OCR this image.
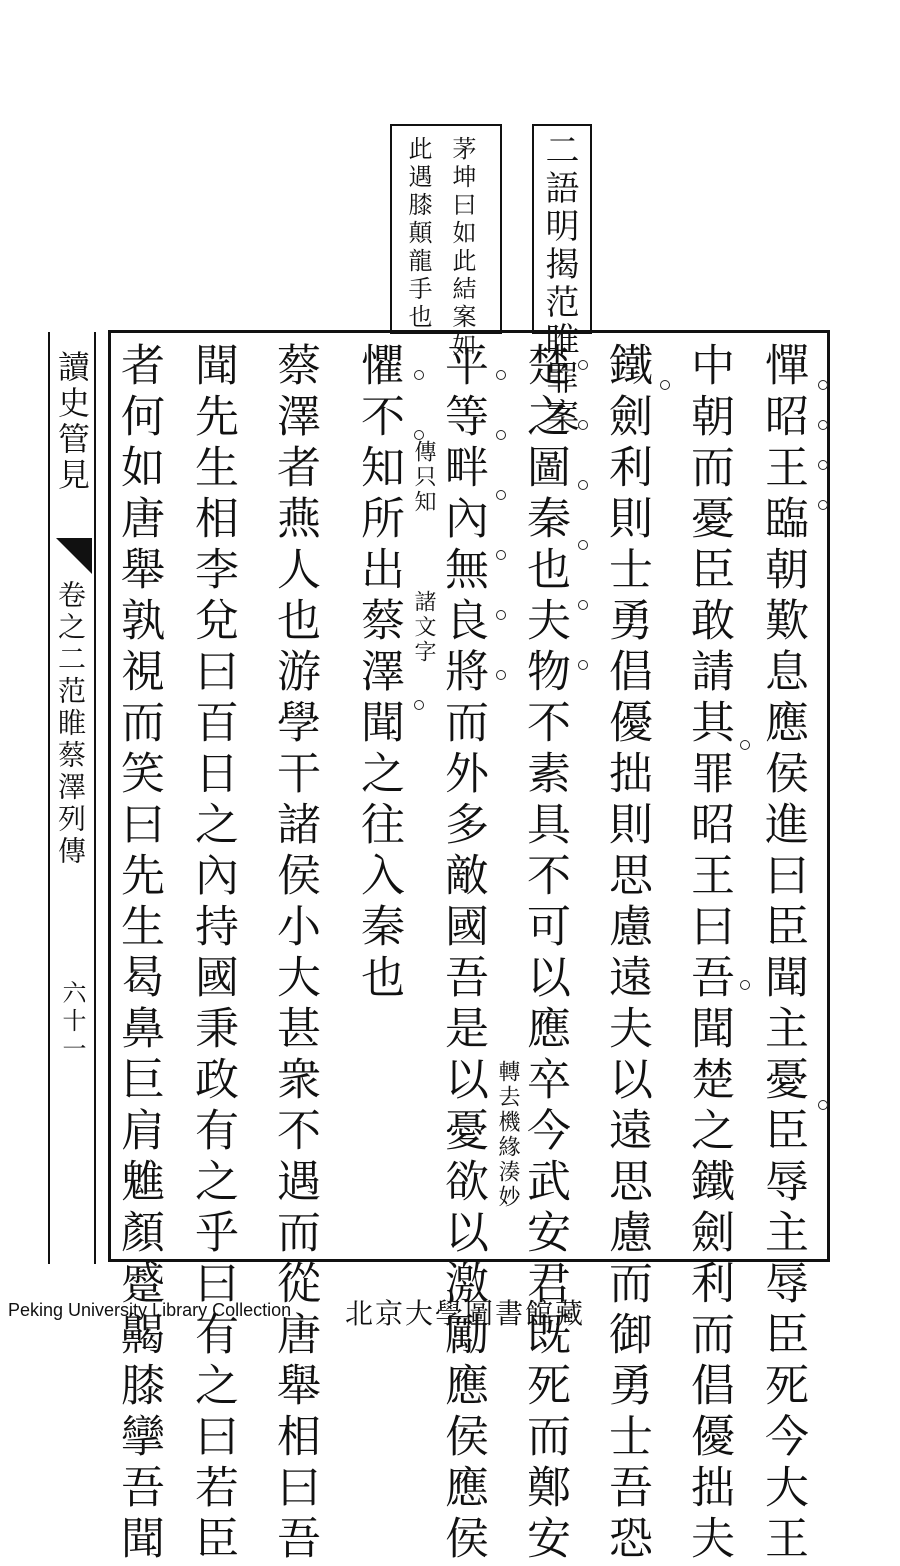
二語明揭范睢罪案
茅坤曰如此結案如
此遇膝顛龍手也
憚昭王臨朝歎息應侯進曰臣聞主憂臣辱主辱臣死今大王
中朝而憂臣敢請其罪昭王曰吾聞楚之鐵劍利而倡優拙夫
鐵劍利則士勇倡優拙則思慮遠夫以遠思慮而御勇士吾恐
楚之圖秦也夫物不素具不可以應卒今武安君既死而鄭安
平等畔內無良將而外多敵國吾是以憂欲以激勵應侯應侯
懼不知所出蔡澤聞之往入秦也
蔡澤者燕人也游學干諸侯小大甚衆不遇而從唐舉相曰吾
聞先生相李兌曰百日之內持國秉政有之乎曰有之曰若臣
者何如唐舉孰視而笑曰先生曷鼻巨肩魋顏蹙齃膝攣吾聞	傳只知
諸文字
轉去機緣湊妙
讀史管見
卷之二范睢蔡澤列傳
六十一
Peking University Library Collection 北京大學圖書館藏
